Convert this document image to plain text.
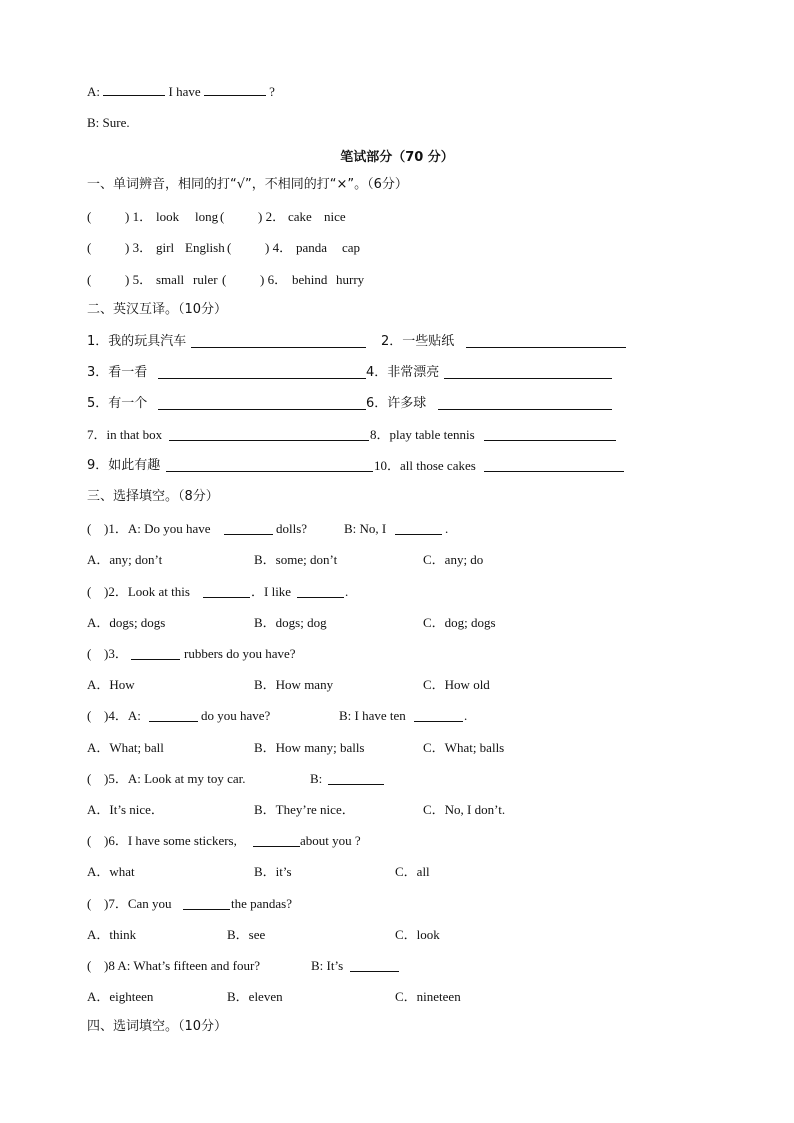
A:	I have	?
B: Sure.
笔试部分（70 分）
一、单词辨音，相同的打“√”，不相同的打“×”。（6分）
(	) 1． look long (	) 2． cake nice
(	) 3． girl English (	) 4． panda cap
(	) 5． small ruler (	) 6． behind hurry
二、英汉互译。（10分）
1．我的玩具汽车	2．一些贴纸
3．看一看	4．非常漂亮
5．有一个	6．许多球
7．in that box	8．play table tennis
9．如此有趣	10．all those cakes
三、选择填空。（8分）
( )1．A: Do you have	dolls?	B: No, I	.
A．any; don’t	B．some; don’t	C．any; do
( )2．Look at this	．I like	.
A．dogs; dogs	B．dogs; dog	C．dog; dogs
( )3．	rubbers do you have?
A．How	B．How many	C．How old
( )4．A:	do you have?	B: I have ten	.
A．What; ball	B．How many; balls	C．What; balls
( )5．A: Look at my toy car.	B:
A．It’s nice．	B．They’re nice．	C．No, I don’t.
( )6．I have some stickers,	about you ?
A．what	B．it’s	C．all
( )7．Can you	the pandas?
A．think	B．see	C．look
( )8 A: What’s fifteen and four?	B: It’s
A．eighteen	B．eleven	C．nineteen
四、选词填空。（10分）
